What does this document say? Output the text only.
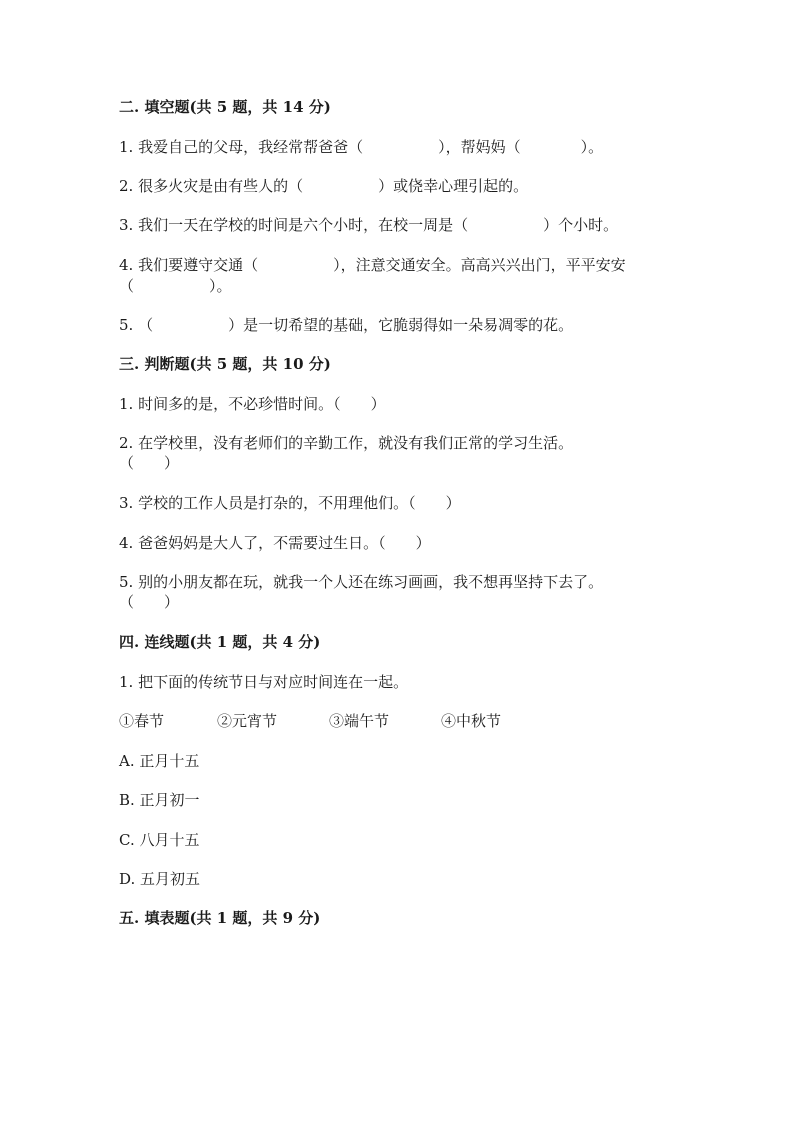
二. 填空题(共 5 题，共 14 分)
1. 我爱自己的父母，我经常帮爸爸（　　　　　），帮妈妈（　　　　）。
2. 很多火灾是由有些人的（　　　　　）或侥幸心理引起的。
3. 我们一天在学校的时间是六个小时，在校一周是（　　　　　）个小时。
4. 我们要遵守交通（　　　　　），注意交通安全。高高兴兴出门，平平安安
（　　　　　）。
5. （　　　　　）是一切希望的基础，它脆弱得如一朵易凋零的花。
三. 判断题(共 5 题，共 10 分)
1. 时间多的是，不必珍惜时间。（　　）
2. 在学校里，没有老师们的辛勤工作，就没有我们正常的学习生活。
（　　）
3. 学校的工作人员是打杂的，不用理他们。（　　）
4. 爸爸妈妈是大人了，不需要过生日。（　　）
5. 别的小朋友都在玩，就我一个人还在练习画画，我不想再坚持下去了。
（　　）
四. 连线题(共 1 题，共 4 分)
1. 把下面的传统节日与对应时间连在一起。
①春节	②元宵节	③端午节	④中秋节
A. 正月十五
B. 正月初一
C. 八月十五
D. 五月初五
五. 填表题(共 1 题，共 9 分)
